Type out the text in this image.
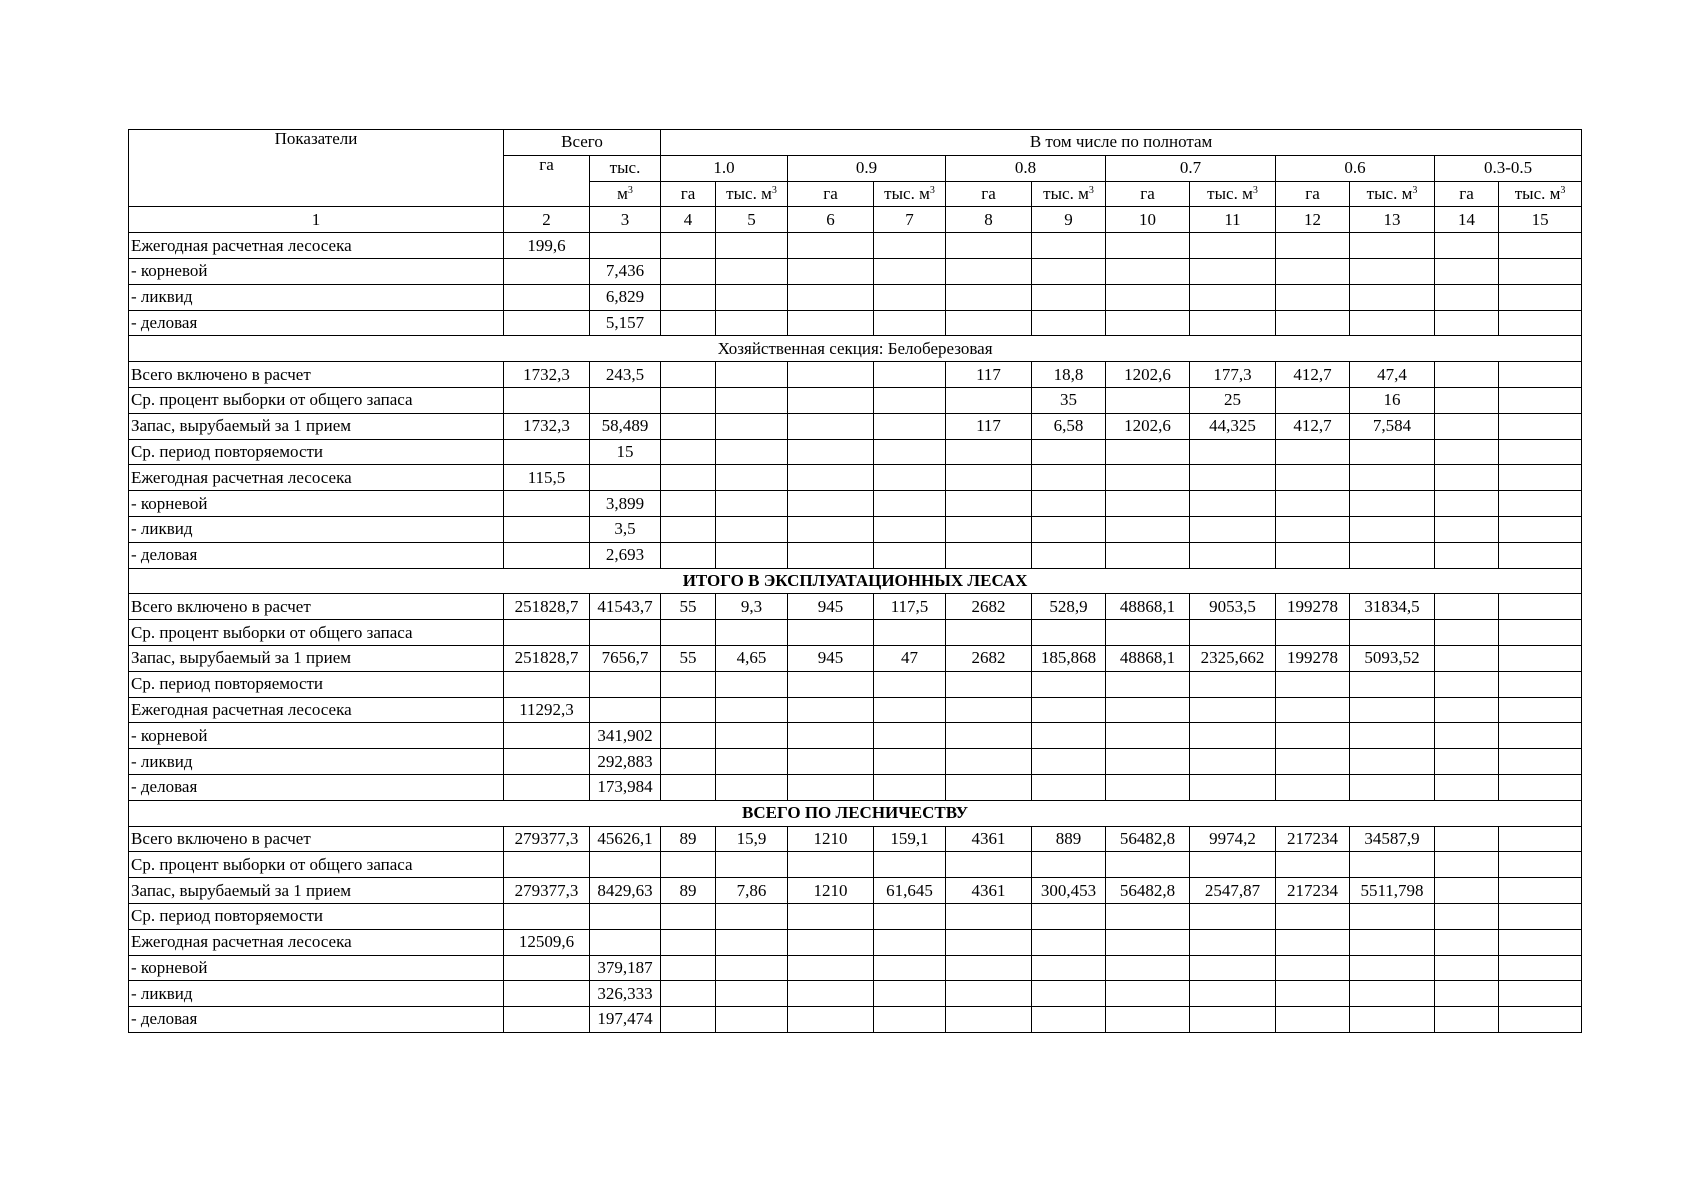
Показатели	Всего		В том числе по полнотам											
	га	тыс.	1.0		0.9		0.8		0.7		0.6		0.3-0.5	
		$м^3$	га	тыс. $м^3$	га	тыс. $м^3$	га	тыс. $м^3$	га	тыс. $м^3$	га	тыс. $м^3$	га	тыс. $м^3$
1	2	3	4	5	6	7	8	9	10	11	12	13	14	15
Ежегодная расчетная лесосека	199,6													
- корневой		7,436												
- ликвид		6,829												
- деловая		5,157												
Хозяйственная секция: Белоберезовая														
Всего включено в расчет	1732,3	243,5					117	18,8	1202,6	177,3	412,7	47,4		
Ср. процент выборки от общего запаса								35		25		16		
Запас, вырубаемый за 1 прием	1732,3	58,489					117	6,58	1202,6	44,325	412,7	7,584		
Ср. период повторяемости		15												
Ежегодная расчетная лесосека	115,5													
- корневой		3,899												
- ликвид		3,5												
- деловая		2,693												
ИТОГО В ЭКСПЛУАТАЦИОННЫХ ЛЕСАХ														
Всего включено в расчет	251828,7	41543,7	55	9,3	945	117,5	2682	528,9	48868,1	9053,5	199278	31834,5		
Ср. процент выборки от общего запаса														
Запас, вырубаемый за 1 прием	251828,7	7656,7	55	4,65	945	47	2682	185,868	48868,1	2325,662	199278	5093,52		
Ср. период повторяемости														
Ежегодная расчетная лесосека	11292,3													
- корневой		341,902												
- ликвид		292,883												
- деловая		173,984												
ВСЕГО ПО ЛЕСНИЧЕСТВУ														
Всего включено в расчет	279377,3	45626,1	89	15,9	1210	159,1	4361	889	56482,8	9974,2	217234	34587,9		
Ср. процент выборки от общего запаса														
Запас, вырубаемый за 1 прием	279377,3	8429,63	89	7,86	1210	61,645	4361	300,453	56482,8	2547,87	217234	5511,798		
Ср. период повторяемости														
Ежегодная расчетная лесосека	12509,6													
- корневой		379,187												
- ликвид		326,333												
- деловая		197,474												
